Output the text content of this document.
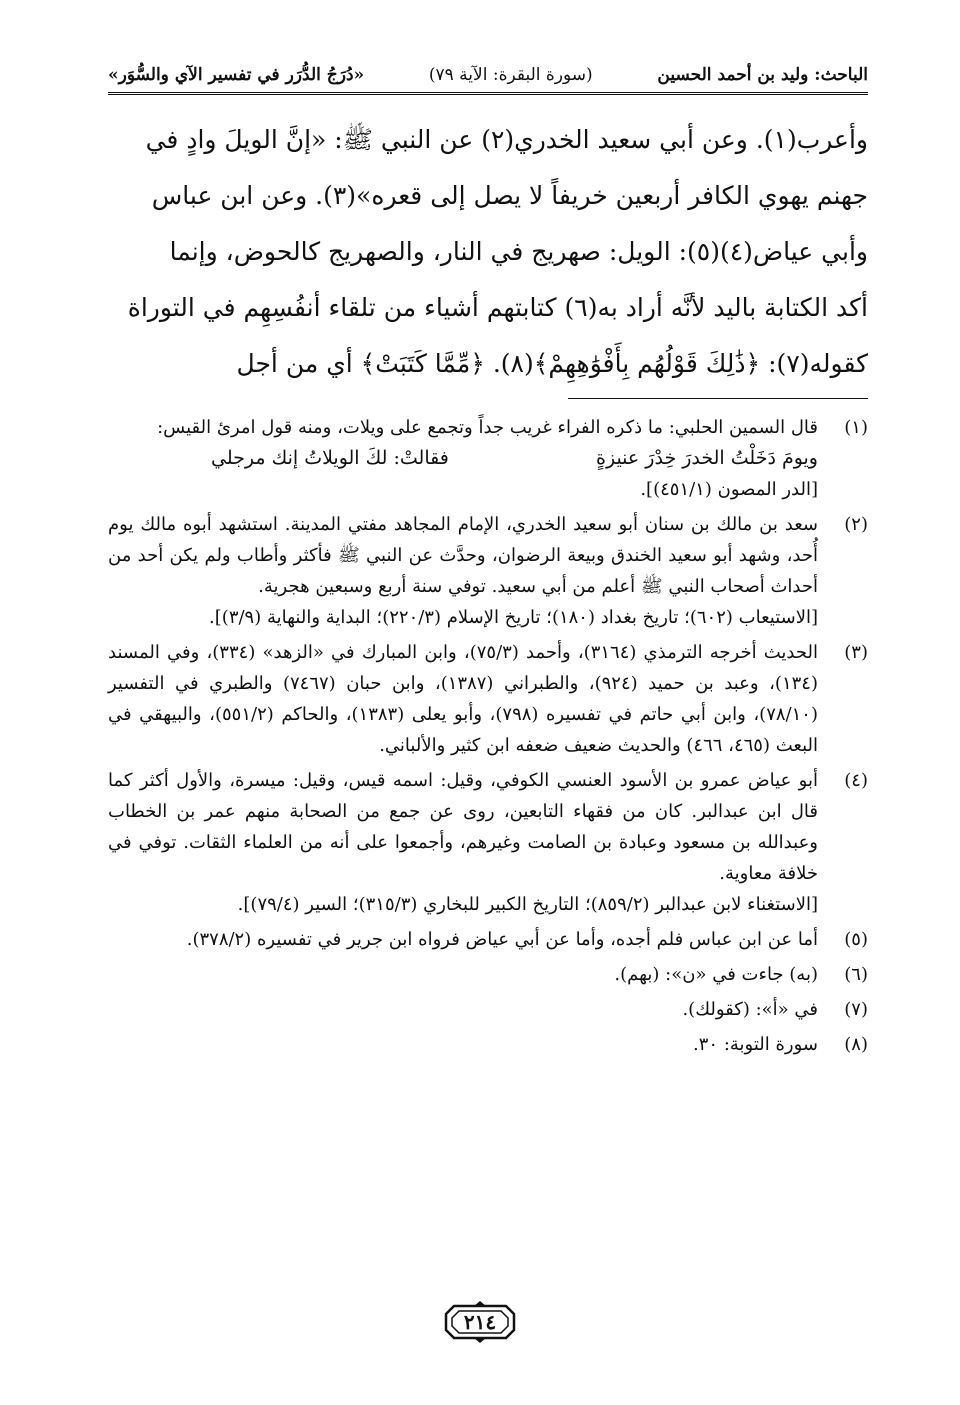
الباحث: وليد بن أحمد الحسين
(سورة البقرة: الآية ٧٩)
«دُرَجُ الدُّرَر في تفسير الآي والسُّوَر»

وأعرب(١). وعن أبي سعيد الخدري(٢) عن النبي ﷺ: «إنَّ الويلَ وادٍ في

جهنم يهوي الكافر أربعين خريفاً لا يصل إلى قعره»(٣). وعن ابن عباس

وأبي عياض(٤)(٥): الويل: صهريج في النار، والصهريج كالحوض، وإنما

أكد الكتابة باليد لأنَّه أراد به(٦) كتابتهم أشياء من تلقاء أنفُسِهِم في التوراة

كقوله(٧): ﴿ذَٰلِكَ قَوْلُهُم بِأَفْوَٰهِهِمْ﴾(٨). ﴿مِّمَّا كَتَبَتْ﴾ أي من أجل

(١)

قال السمين الحلبي: ما ذكره الفراء غريب جداً وتجمع على ويلات، ومنه قول امرئ القيس:

ويومَ دَخَلْتُ الخدرَ خِدْرَ عنيزةٍ
فقالتْ: لكَ الويلاتُ إنك مرجلي

[الدر المصون (٤٥١/١)].

(٢)

سعد بن مالك بن سنان أبو سعيد الخدري، الإمام المجاهد مفتي المدينة. استشهد أبوه مالك يوم أُحد، وشهد أبو سعيد الخندق وبيعة الرضوان، وحدَّث عن النبي ﷺ فأكثر وأطاب ولم يكن أحد من أحداث أصحاب النبي ﷺ أعلم من أبي سعيد. توفي سنة أربع وسبعين هجرية.

[الاستيعاب (٦٠٢)؛ تاريخ بغداد (١٨٠)؛ تاريخ الإسلام (٢٢٠/٣)؛ البداية والنهاية (٣/٩)].

(٣)

الحديث أخرجه الترمذي (٣١٦٤)، وأحمد (٧٥/٣)، وابن المبارك في «الزهد» (٣٣٤)، وفي المسند (١٣٤)، وعبد بن حميد (٩٢٤)، والطبراني (١٣٨٧)، وابن حبان (٧٤٦٧) والطبري في التفسير (٧٨/١٠)، وابن أبي حاتم في تفسيره (٧٩٨)، وأبو يعلى (١٣٨٣)، والحاكم (٥٥١/٢)، والبيهقي في البعث (٤٦٥، ٤٦٦) والحديث ضعيف ضعفه ابن كثير والألباني.

(٤)

أبو عياض عمرو بن الأسود العنسي الكوفي، وقيل: اسمه قيس، وقيل: ميسرة، والأول أكثر كما قال ابن عبدالبر. كان من فقهاء التابعين، روى عن جمع من الصحابة منهم عمر بن الخطاب وعبدالله بن مسعود وعبادة بن الصامت وغيرهم، وأجمعوا على أنه من العلماء الثقات. توفي في خلافة معاوية.

[الاستغناء لابن عبدالبر (٨٥٩/٢)؛ التاريخ الكبير للبخاري (٣١٥/٣)؛ السير (٧٩/٤)].

(٥)

أما عن ابن عباس فلم أجده، وأما عن أبي عياض فرواه ابن جرير في تفسيره (٣٧٨/٢).

(٦)

(به) جاءت في «ن»: (بهم).

(٧)

في «أ»: (كقولك).

(٨)

سورة التوبة: ٣٠.

٢١٤
